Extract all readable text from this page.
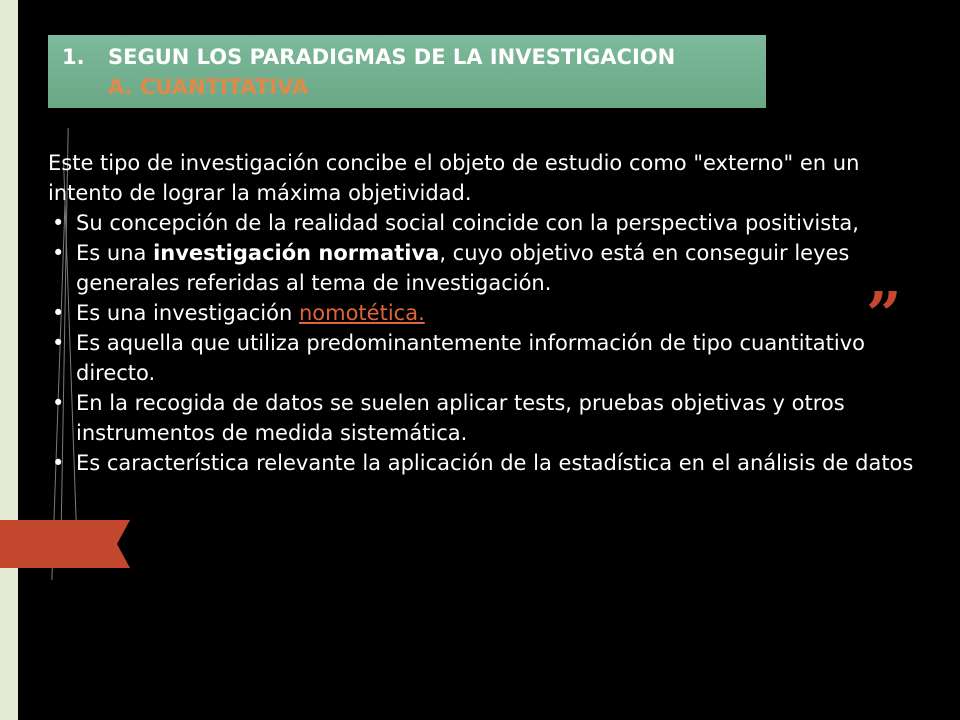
1. SEGUN LOS PARADIGMAS DE LA INVESTIGACION
A. CUANTITATIVA
”

Este tipo de investigación concibe el objeto de estudio como "externo" en un intento de lograr la máxima objetividad.

• Su concepción de la realidad social coincide con la perspectiva positivista,
• Es una investigación normativa, cuyo objetivo está en conseguir leyes generales referidas al tema de investigación.
• Es una investigación nomotética.
• Es aquella que utiliza predominantemente información de tipo cuantitativo directo.
• En la recogida de datos se suelen aplicar tests, pruebas objetivas y otros instrumentos de medida sistemática.
• Es característica relevante la aplicación de la estadística en el análisis de datos
